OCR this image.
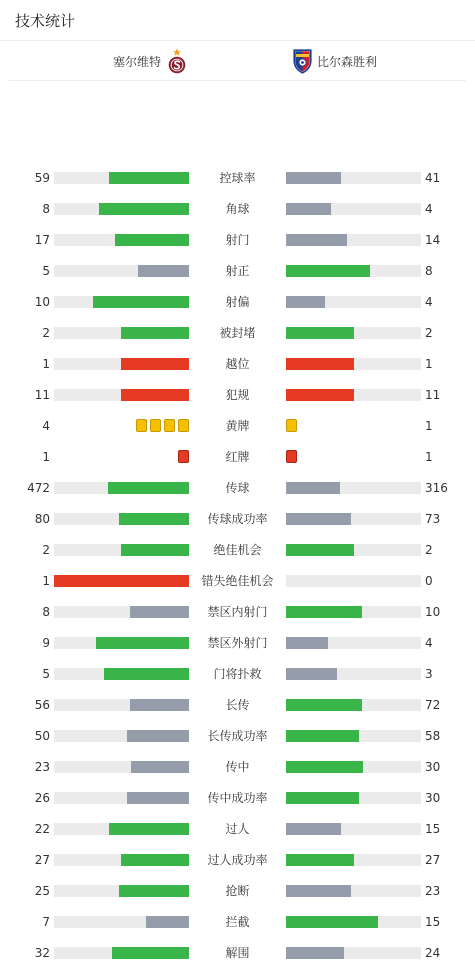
技术统计
塞尔维特	比尔森胜利
59	控球率	41
8	角球	4
17	射门	14
5	射正	8
10	射偏	4
2	被封堵	2
1	越位	1
11	犯规	11
4	黄牌	1
1	红牌	1
472	传球	316
80	传球成功率	73
2	绝佳机会	2
1	错失绝佳机会	0
8	禁区内射门	10
9	禁区外射门	4
5	门将扑救	3
56	长传	72
50	长传成功率	58
23	传中	30
26	传中成功率	30
22	过人	15
27	过人成功率	27
25	抢断	23
7	拦截	15
32	解围	24
